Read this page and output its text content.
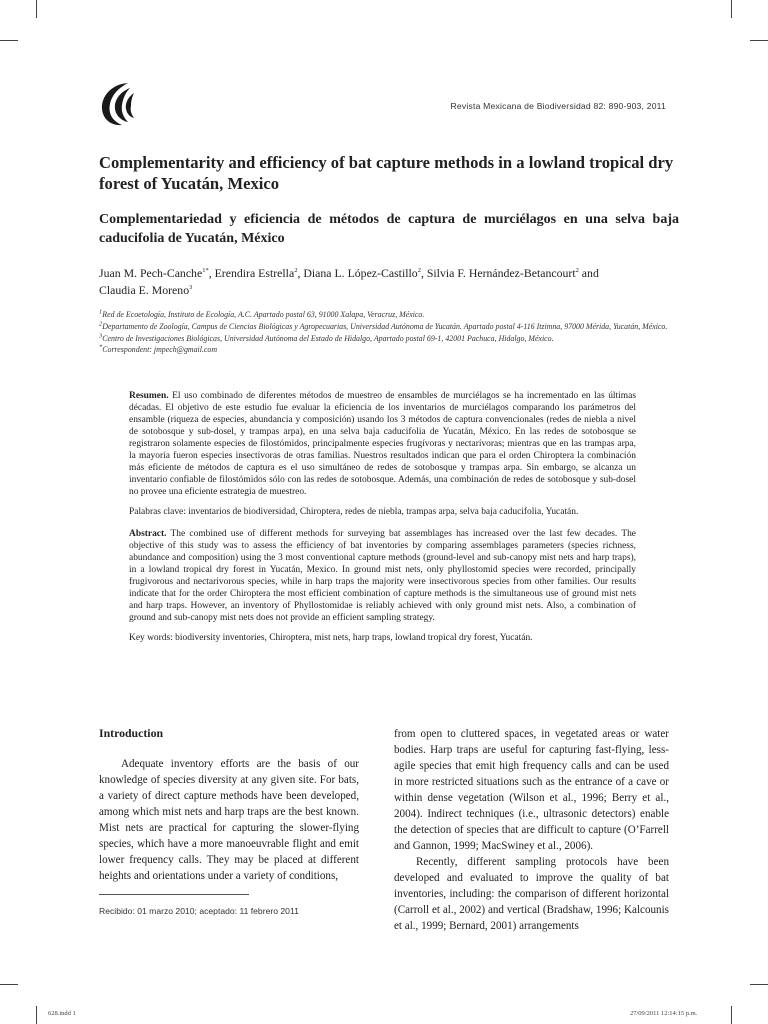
Revista Mexicana de Biodiversidad 82: 890-903, 2011
Complementarity and efficiency of bat capture methods in a lowland tropical dry forest of Yucatán, Mexico
Complementariedad y eficiencia de métodos de captura de murciélagos en una selva baja caducifolia de Yucatán, México
Juan M. Pech-Canche$^{1*}$, Erendira Estrella$^2$, Diana L. López-Castillo$^2$, Silvia F. Hernández-Betancourt$^2$ and
Claudia E. Moreno$^3$
$^1$Red de Ecoetología, Instituto de Ecología, A.C. Apartado postal 63, 91000 Xalapa, Veracruz, México.
$^2$Departamento de Zoología, Campus de Ciencias Biológicas y Agropecuarias, Universidad Autónoma de Yucatán. Apartado postal 4-116 Itzimna, 97000 Mérida, Yucatán, México.
$^3$Centro de Investigaciones Biológicas, Universidad Autónoma del Estado de Hidalgo, Apartado postal 69-1, 42001 Pachuca, Hidalgo, México.
*Correspondent: jmpech@gmail.com

Resumen. El uso combinado de diferentes métodos de muestreo de ensambles de murciélagos se ha incrementado en las últimas décadas. El objetivo de este estudio fue evaluar la eficiencia de los inventarios de murciélagos comparando los parámetros del ensamble (riqueza de especies, abundancia y composición) usando los 3 métodos de captura convencionales (redes de niebla a nivel de sotobosque y sub-dosel, y trampas arpa), en una selva baja caducifolia de Yucatán, México. En las redes de sotobosque se registraron solamente especies de filostómidos, principalmente especies frugívoras y nectarívoras; mientras que en las trampas arpa, la mayoría fueron especies insectívoras de otras familias. Nuestros resultados indican que para el orden Chiroptera la combinación más eficiente de métodos de captura es el uso simultáneo de redes de sotobosque y trampas arpa. Sin embargo, se alcanza un inventario confiable de filostómidos sólo con las redes de sotobosque. Además, una combinación de redes de sotobosque y sub-dosel no provee una eficiente estrategia de muestreo.

Palabras clave: inventarios de biodiversidad, Chiroptera, redes de niebla, trampas arpa, selva baja caducifolia, Yucatán.

Abstract. The combined use of different methods for surveying bat assemblages has increased over the last few decades. The objective of this study was to assess the efficiency of bat inventories by comparing assemblages parameters (species richness, abundance and composition) using the 3 most conventional capture methods (ground-level and sub-canopy mist nets and harp traps), in a lowland tropical dry forest in Yucatán, Mexico. In ground mist nets, only phyllostomid species were recorded, principally frugivorous and nectarivorous species, while in harp traps the majority were insectivorous species from other families. Our results indicate that for the order Chiroptera the most efficient combination of capture methods is the simultaneous use of ground mist nets and harp traps. However, an inventory of Phyllostomidae is reliably achieved with only ground mist nets. Also, a combination of ground and sub-canopy mist nets does not provide an efficient sampling strategy.

Key words: biodiversity inventories, Chiroptera, mist nets, harp traps, lowland tropical dry forest, Yucatán.

Introduction

Adequate inventory efforts are the basis of our knowledge of species diversity at any given site. For bats, a variety of direct capture methods have been developed, among which mist nets and harp traps are the best known. Mist nets are practical for capturing the slower-flying species, which have a more manoeuvrable flight and emit lower frequency calls. They may be placed at different heights and orientations under a variety of conditions,

from open to cluttered spaces, in vegetated areas or water bodies. Harp traps are useful for capturing fast-flying, less-agile species that emit high frequency calls and can be used in more restricted situations such as the entrance of a cave or within dense vegetation (Wilson et al., 1996; Berry et al., 2004). Indirect techniques (i.e., ultrasonic detectors) enable the detection of species that are difficult to capture (O’Farrell and Gannon, 1999; MacSwiney et al., 2006).

Recently, different sampling protocols have been developed and evaluated to improve the quality of bat inventories, including: the comparison of different horizontal (Carroll et al., 2002) and vertical (Bradshaw, 1996; Kalcounis et al., 1999; Bernard, 2001) arrangements

Recibido: 01 marzo 2010; aceptado: 11 febrero 2011
628.indd 1	27/09/2011 12:14:15 p.m.
